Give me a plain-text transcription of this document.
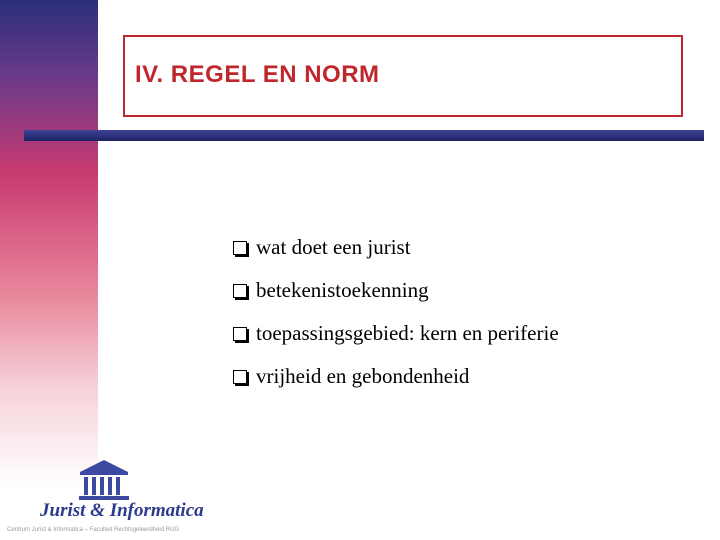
IV. REGEL EN NORM
wat doet een jurist
betekenistoekenning
toepassingsgebied: kern en periferie
vrijheid en gebondenheid
Jurist & Informatica
Centrum Jurist & Informatica – Faculteit Rechtsgeleerdheid RUG
